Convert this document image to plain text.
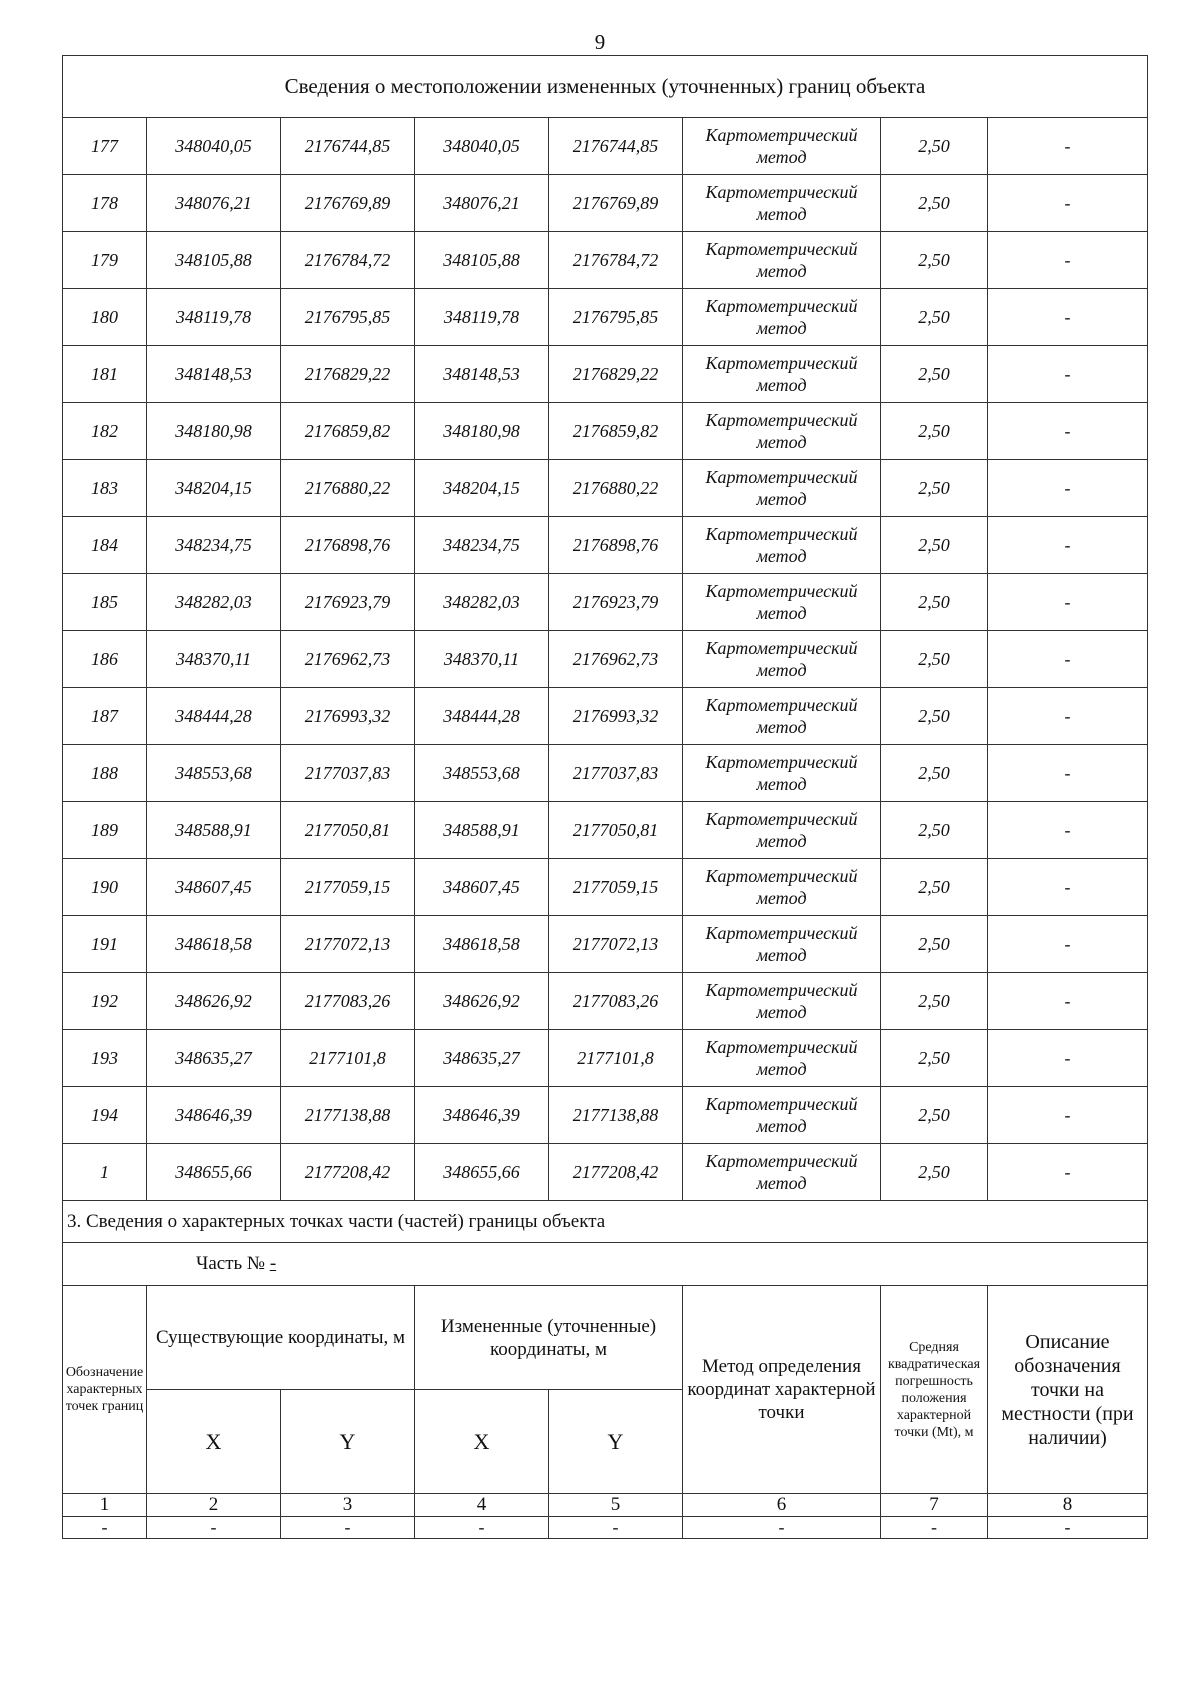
9
Сведения о местоположении измененных (уточненных) границ объекта							
177	348040,05	2176744,85	348040,05	2176744,85	Картометрический метод	2,50	-
178	348076,21	2176769,89	348076,21	2176769,89	Картометрический метод	2,50	-
179	348105,88	2176784,72	348105,88	2176784,72	Картометрический метод	2,50	-
180	348119,78	2176795,85	348119,78	2176795,85	Картометрический метод	2,50	-
181	348148,53	2176829,22	348148,53	2176829,22	Картометрический метод	2,50	-
182	348180,98	2176859,82	348180,98	2176859,82	Картометрический метод	2,50	-
183	348204,15	2176880,22	348204,15	2176880,22	Картометрический метод	2,50	-
184	348234,75	2176898,76	348234,75	2176898,76	Картометрический метод	2,50	-
185	348282,03	2176923,79	348282,03	2176923,79	Картометрический метод	2,50	-
186	348370,11	2176962,73	348370,11	2176962,73	Картометрический метод	2,50	-
187	348444,28	2176993,32	348444,28	2176993,32	Картометрический метод	2,50	-
188	348553,68	2177037,83	348553,68	2177037,83	Картометрический метод	2,50	-
189	348588,91	2177050,81	348588,91	2177050,81	Картометрический метод	2,50	-
190	348607,45	2177059,15	348607,45	2177059,15	Картометрический метод	2,50	-
191	348618,58	2177072,13	348618,58	2177072,13	Картометрический метод	2,50	-
192	348626,92	2177083,26	348626,92	2177083,26	Картометрический метод	2,50	-
193	348635,27	2177101,8	348635,27	2177101,8	Картометрический метод	2,50	-
194	348646,39	2177138,88	348646,39	2177138,88	Картометрический метод	2,50	-
1	348655,66	2177208,42	348655,66	2177208,42	Картометрический метод	2,50	-
3. Сведения о характерных точках части (частей) границы объекта							
Часть № -							
Обозначение характерных точек границ	Существующие координаты, м		Измененные (уточненные) координаты, м		Метод определения координат характерной точки	Средняя квадратическая погрешность положения характерной точки (Mt), м	Описание обозначения точки на местности (при наличии)
	X	Y	X	Y			
1	2	3	4	5	6	7	8
-	-	-	-	-	-	-	-
